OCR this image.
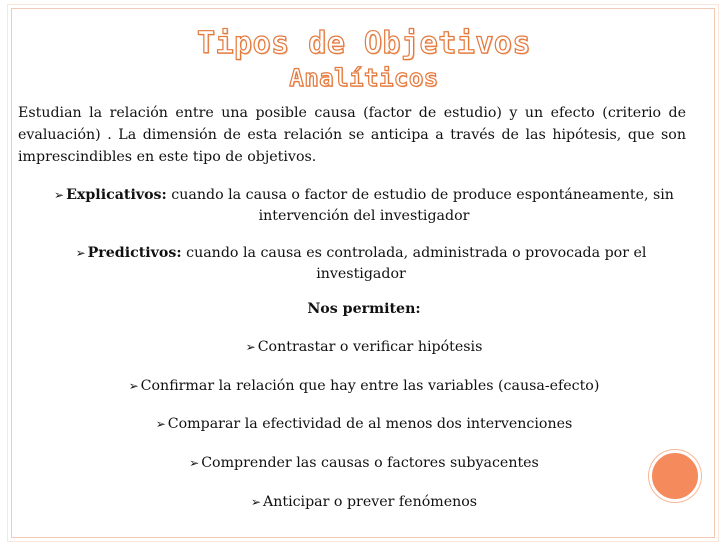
Tipos de Objetivos
Analíticos
Estudian la relación entre una posible causa (factor de estudio) y un efecto (criterio de evaluación) . La dimensión de esta relación se anticipa a través de las hipótesis, que son imprescindibles en este tipo de objetivos.
➢ Explicativos: cuando la causa o factor de estudio de produce espontáneamente, sin intervención del investigador
➢ Predictivos: cuando la causa es controlada, administrada o provocada por el investigador
Nos permiten:
➢ Contrastar o verificar hipótesis
➢ Confirmar la relación que hay entre las variables (causa-efecto)
➢ Comparar la efectividad de al menos dos intervenciones
➢ Comprender las causas o factores subyacentes
➢ Anticipar o prever fenómenos
